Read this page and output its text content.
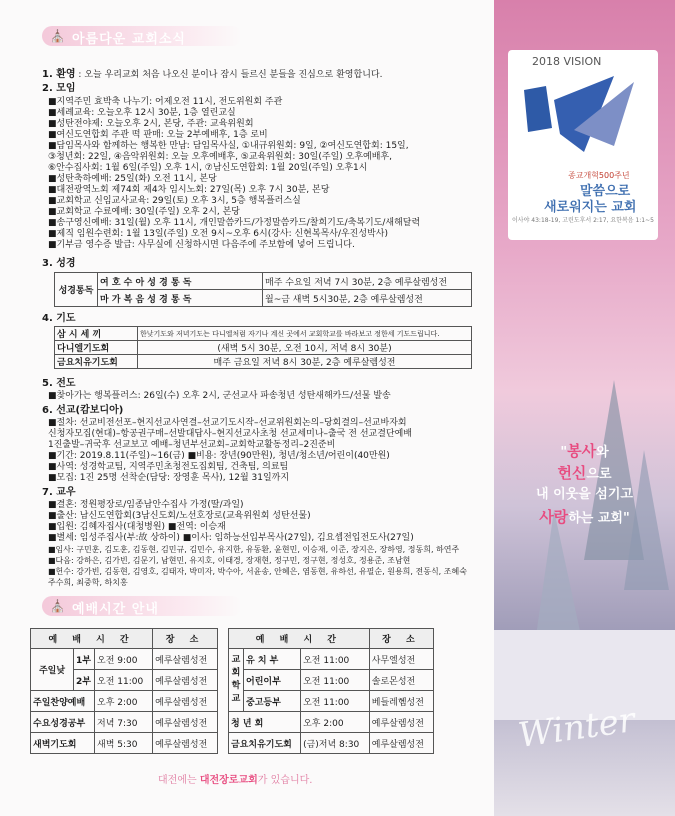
⛪ 아름다운 교회소식
1. 환영 : 오늘 우리교회 처음 나오신 분이나 잠시 들르신 분들을 진심으로 환영합니다.
2. 모임
■지역주민 효박축 나누기: 어제오전 11시, 전도위원회 주관
■세례교육: 오늘오후 12시 30분, 1층 열린교실
■성탄전야제: 오늘오후 2시, 본당, 주관: 교육위원회
■여신도연합회 주관 떡 판매: 오늘 2부예배후, 1층 로비
■담임목사와 함께하는 행복한 만남: 담임목사실, ①내규위원회: 9일, ②여신도연합회: 15일,
③청년회: 22일, ④음악위원회: 오늘 오후예배후, ⑤교육위원회: 30일(주일) 오후예배후,
⑥안수집사회: 1월 6일(주일) 오후 1시, ⑦남신도연합회: 1월 20일(주일) 오후1시
■성탄축하예배: 25일(화) 오전 11시, 본당
■대전광역노회 제74회 제4차 임시노회: 27일(목) 오후 7시 30분, 본당
■교회학교 신임교사교육: 29일(토) 오후 3시, 5층 행복플러스실
■교회학교 수료예배: 30일(주일) 오후 2시, 본당
■송구영신예배: 31일(월) 오후 11시, 개인말씀카드/가정말씀카드/찰희기도/축복기도/새해달력
■제직 임원수련회: 1월 13일(주일) 오전 9시~오후 6시(강사: 신현복목사/우진성박사)
■기부금 영수증 발급: 사무실에 신청하시면 다음주에 주보함에 넣어 드립니다.
3. 성경
성경통독	여 호 수 아 성 경 통 독	매주 수요일 저녁 7시 30분, 2층 예루살렘성전
	마 가 복 음 성 경 통 독	월~금 새벽 5시30분, 2층 예루살렘성전
4. 기도
삼 시 세 끼	한낮기도와 저녁기도는 다니엘처럼 자기나 계신 곳에서 교회학교를 바라보고 정한세 기도드립니다.
다니엘기도회	(새벽 5시 30분, 오전 10시, 저녁 8시 30분)
금요치유기도회	매주 금요일 저녁 8시 30분, 2층 예루살렘성전
5. 전도
■찾아가는 행복플러스: 26일(수) 오후 2시, 군선교사 파송청년 성탄새해카드/선물 발송
6. 선교(캄보디아)
■절차: 선교비전선포–현지선교사연결–선교기도시작–선교위원회논의–당회결의–선교바자회
신청자모집(현대)–항공권구매–선발대답사–현지선교사초청 선교세미나–출국 전 선교결단예배
1진출발–귀국후 선교보고 예배–청년부선교회–교회학교활동정리–2진준비
■기간: 2019.8.11(주일)~16(금) ■비용: 장년(90만원), 청년/청소년/어린이(40만원)
■사역: 성경학교팀, 지역주민초청전도집회팀, 건축팀, 의료팀
■모집: 1진 25명 선착순(담당: 장영훈 목사), 12월 31일까지
7. 교우
■결혼: 정원평장로/임종남안수집사 가정(딸/과일)
■출산: 남신도연합회(3남신도회/노선호장로(교육위원회 성탄선물)
■입원: 김혜자집사(대청병원) ■전역: 이승재
■별세: 임성주집사(부:故 상하이) ■이사: 임하능선입부목사(27일), 김요셉전입전도사(27일)
■임사: 구민훈, 김도훈, 김동현, 김민규, 김민수, 유지한, 유동환, 윤현민, 이승재, 이준, 장지은, 장하영, 정동희, 하연주
■다음: 강하은, 김가빈, 김문기, 남현민, 유지호, 이태경, 장재현, 정구민, 정구현, 정성호, 정용준, 조남현
■헌수: 강가빈, 김동현, 김영호, 김태자, 박미자, 박수아, 서윤송, 안혜은, 염동현, 유하선, 유필순, 원용희, 전동식, 조혜숙
주수희, 최중학, 하치홍
⛪ 예배시간 안내
예 배 시 간			장 소
주일낮	1부	오전 9:00	예루살렘성전
	2부	오전 11:00	예루살렘성전
주일찬양예배		오후 2:00	예루살렘성전
수요성경공부		저녁 7:30	예루살렘성전
새벽기도회		새벽 5:30	예루살렘성전
예 배 시 간			장 소
교회학교	유 치 부	오전 11:00	사무엘성전
	어린이부	오전 11:00	솔로몬성전
	중고등부	오전 11:00	베들레헴성전
청 년 회		오후 2:00	예루살렘성전
금요치유기도회		(금)저녁 8:30	예루살렘성전
대전에는 대전장로교회가 있습니다.
2018 VISION
종교개혁500주년
말씀으로
새로워지는 교회
이사야 43:18-19, 고린도후서 2:17, 요한복음 1:1~5
"봉사와
헌신으로
내 이웃을 섬기고
사랑하는 교회"
Winter
